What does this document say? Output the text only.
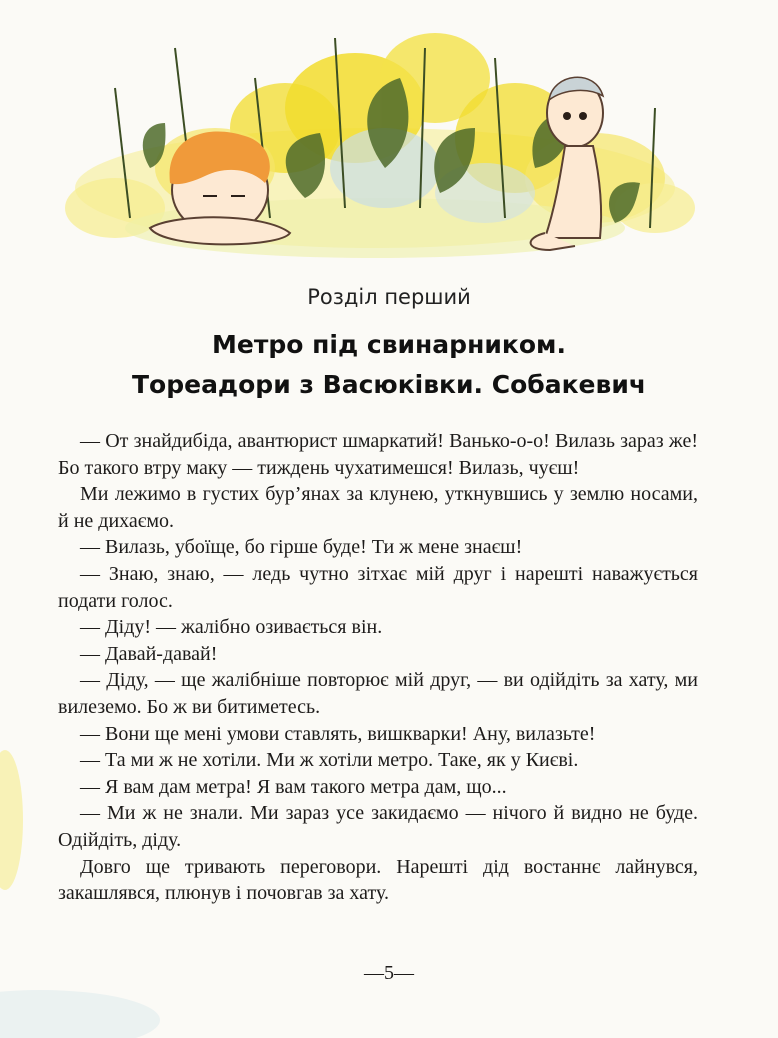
Розділ перший
Метро під свинарником.
Тореадори з Васюківки. Собакевич

— От знайдибіда, авантюрист шмаркатий! Ванько-о-о! Вилазь зараз же! Бо такого втру маку — тиждень чухатимешся! Вилазь, чуєш!

Ми лежимо в густих бур’янах за клунею, уткнувшись у землю носами, й не дихаємо.

— Вилазь, убоїще, бо гірше буде! Ти ж мене знаєш!

— Знаю, знаю, — ледь чутно зітхає мій друг і нарешті наважується подати голос.

— Діду! — жалібно озивається він.

— Давай-давай!

— Діду, — ще жалібніше повторює мій друг, — ви одійдіть за хату, ми вилеземо. Бо ж ви битиметесь.

— Вони ще мені умови ставлять, вишкварки! Ану, вилазьте!

— Та ми ж не хотіли. Ми ж хотіли метро. Таке, як у Києві.

— Я вам дам метра! Я вам такого метра дам, що...

— Ми ж не знали. Ми зараз усе закидаємо — нічого й видно не буде. Одійдіть, діду.

Довго ще тривають переговори. Нарешті дід востаннє лайнувся, закашлявся, плюнув і почовгав за хату.

—5—
